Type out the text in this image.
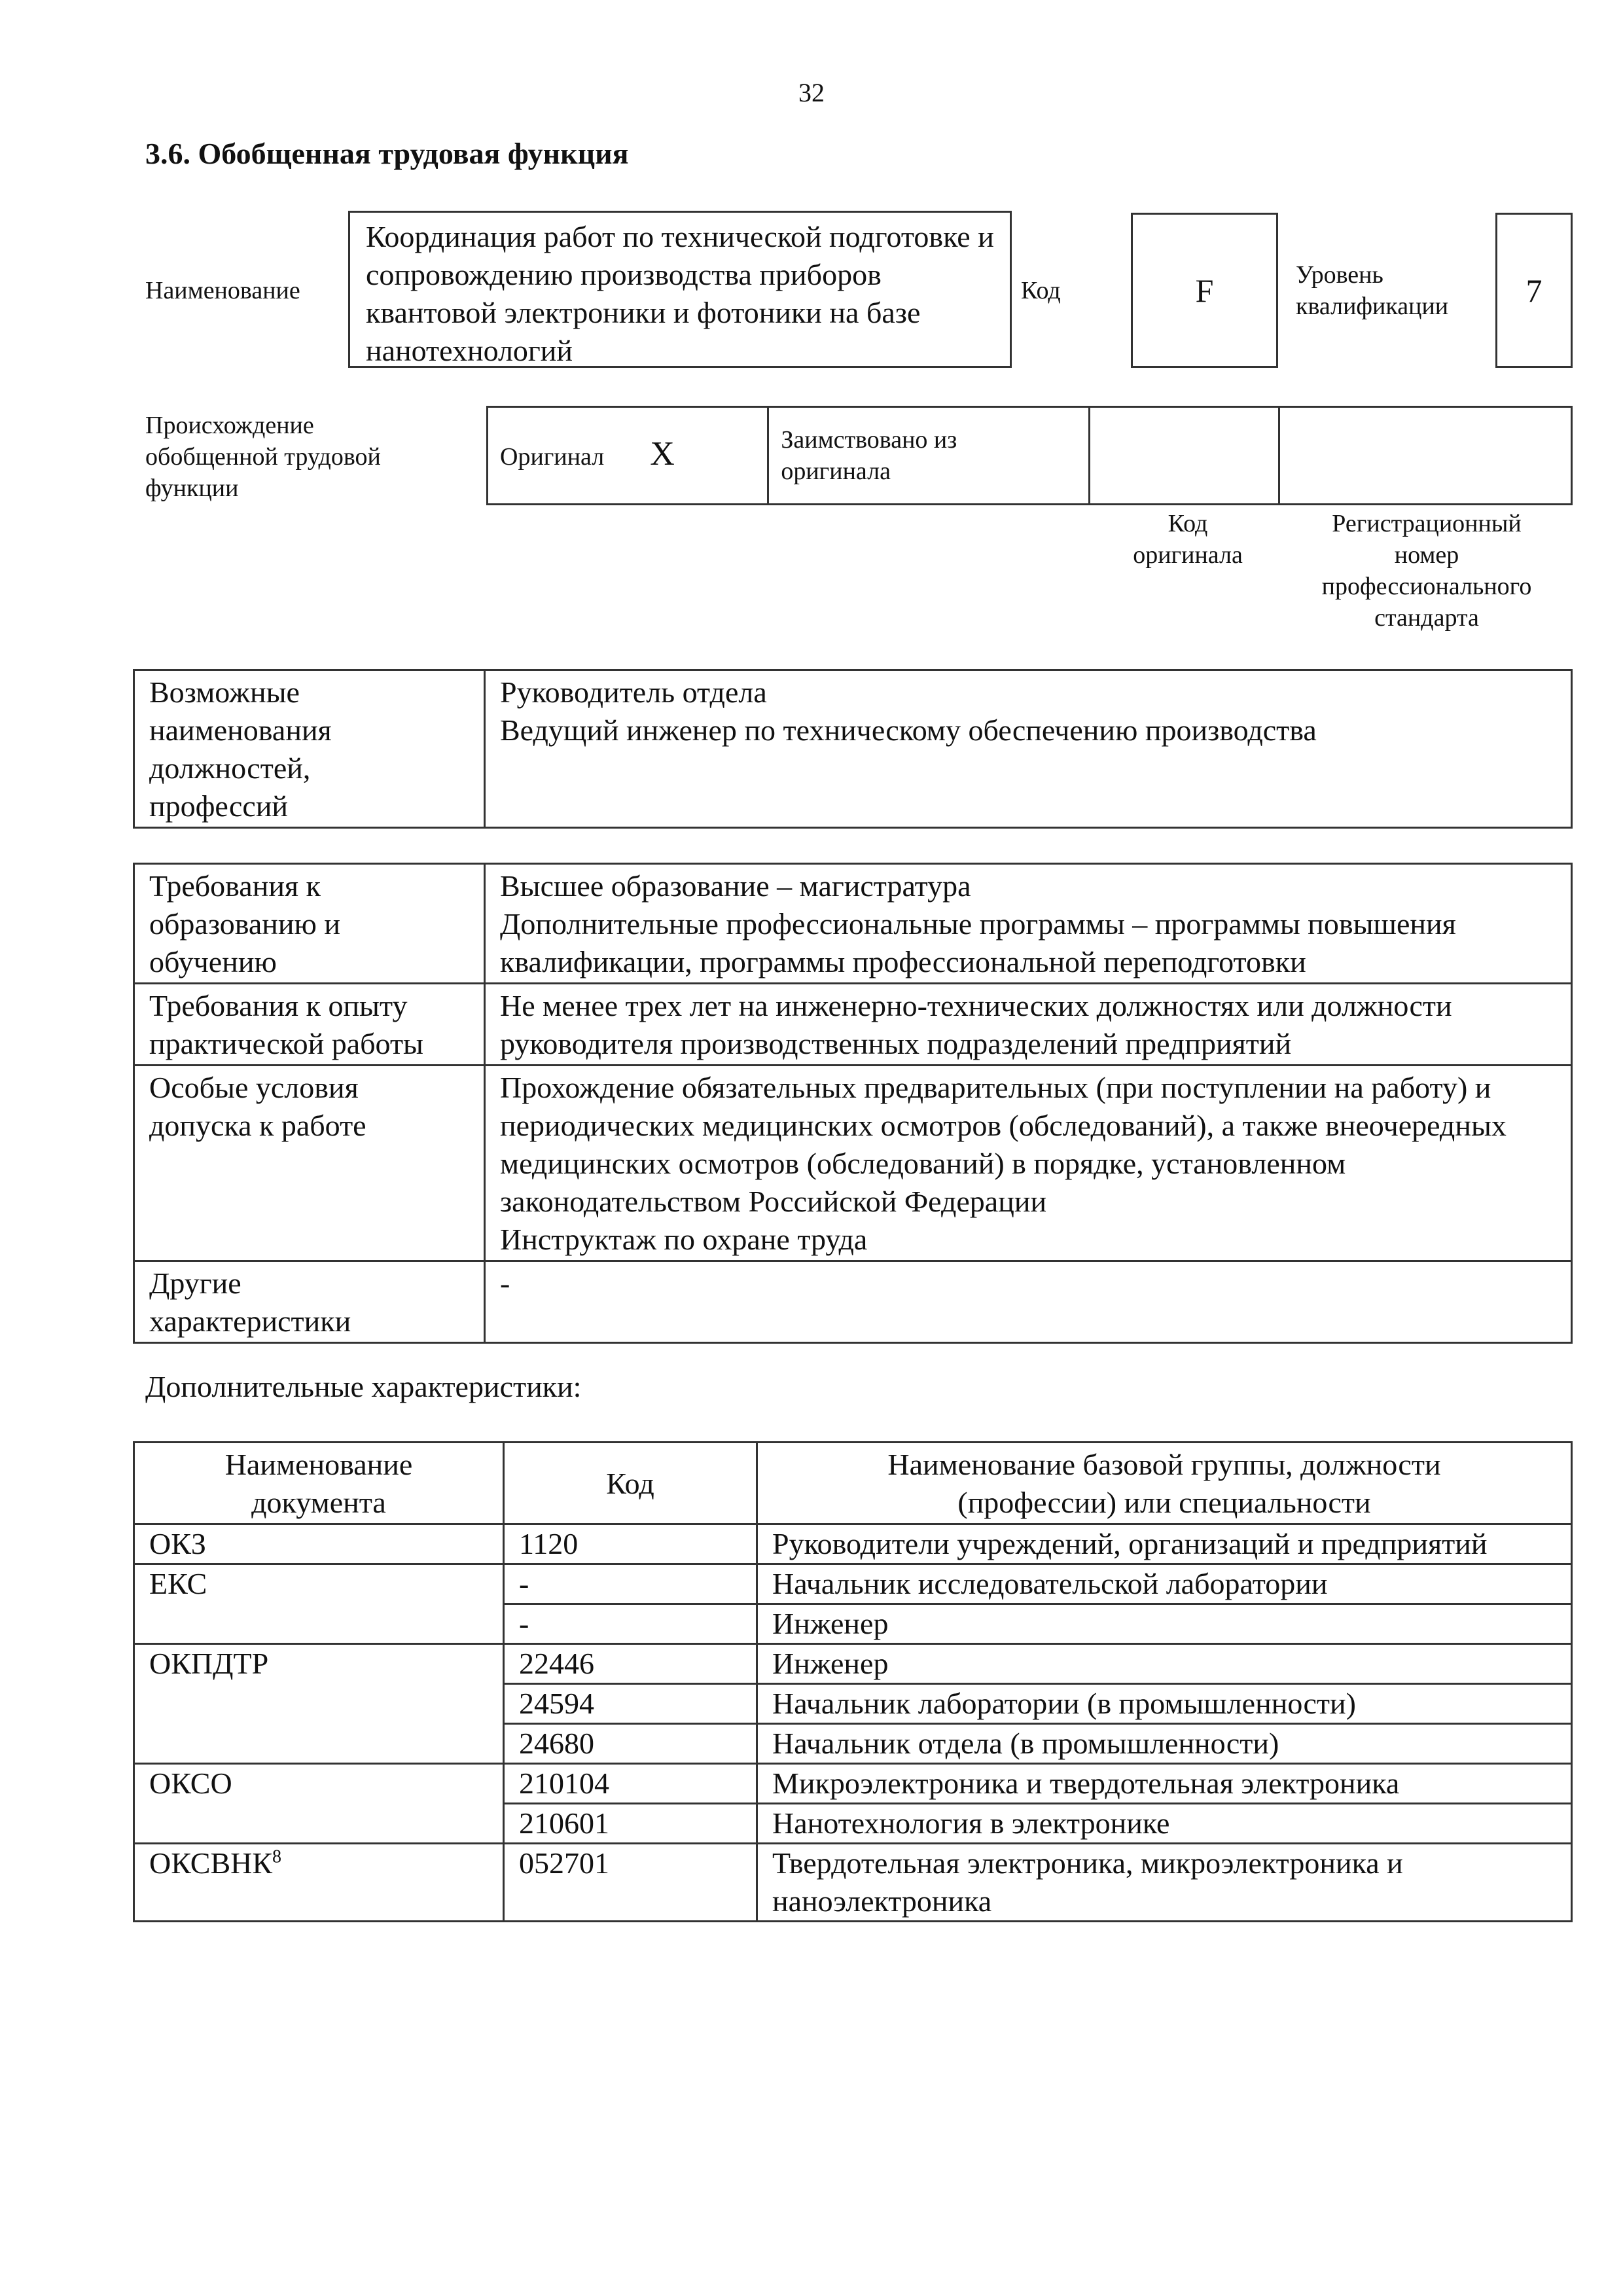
32
3.6. Обобщенная трудовая функция
Наименование
Координация работ по технической подготовке и сопровождению производства приборов квантовой электроники и фотоники на базе нанотехнологий
Код	F	Уровень
квалификации	7
Происхождение
обобщенной трудовой
функции
Оригинал X	Заимствовано из
оригинала		
Код
оригинала
Регистрационный
номер
профессионального
стандарта
Возможные
наименования
должностей,
профессий	Руководитель отдела
Ведущий инженер по техническому обеспечению производства
Требования к
образованию и
обучению	Высшее образование – магистратура
Дополнительные профессиональные программы – программы повышения квалификации, программы профессиональной переподготовки
Требования к опыту
практической работы	Не менее трех лет на инженерно-технических должностях или должности руководителя производственных подразделений предприятий
Особые условия
допуска к работе	Прохождение обязательных предварительных (при поступлении на работу) и периодических медицинских осмотров (обследований), а также внеочередных медицинских осмотров (обследований) в порядке, установленном законодательством Российской Федерации
Инструктаж по охране труда
Другие
характеристики	-
Дополнительные характеристики:
Наименование
документа	Код	Наименование базовой группы, должности
(профессии) или специальности
ОКЗ	1120	Руководители учреждений, организаций и предприятий
ЕКС	-	Начальник исследовательской лаборатории
	-	Инженер
ОКПДТР	22446	Инженер
	24594	Начальник лаборатории (в промышленности)
	24680	Начальник отдела (в промышленности)
ОКСО	210104	Микроэлектроника и твердотельная электроника
	210601	Нанотехнология в электронике
ОКСВНК$^8$	052701	Твердотельная электроника, микроэлектроника и наноэлектроника
